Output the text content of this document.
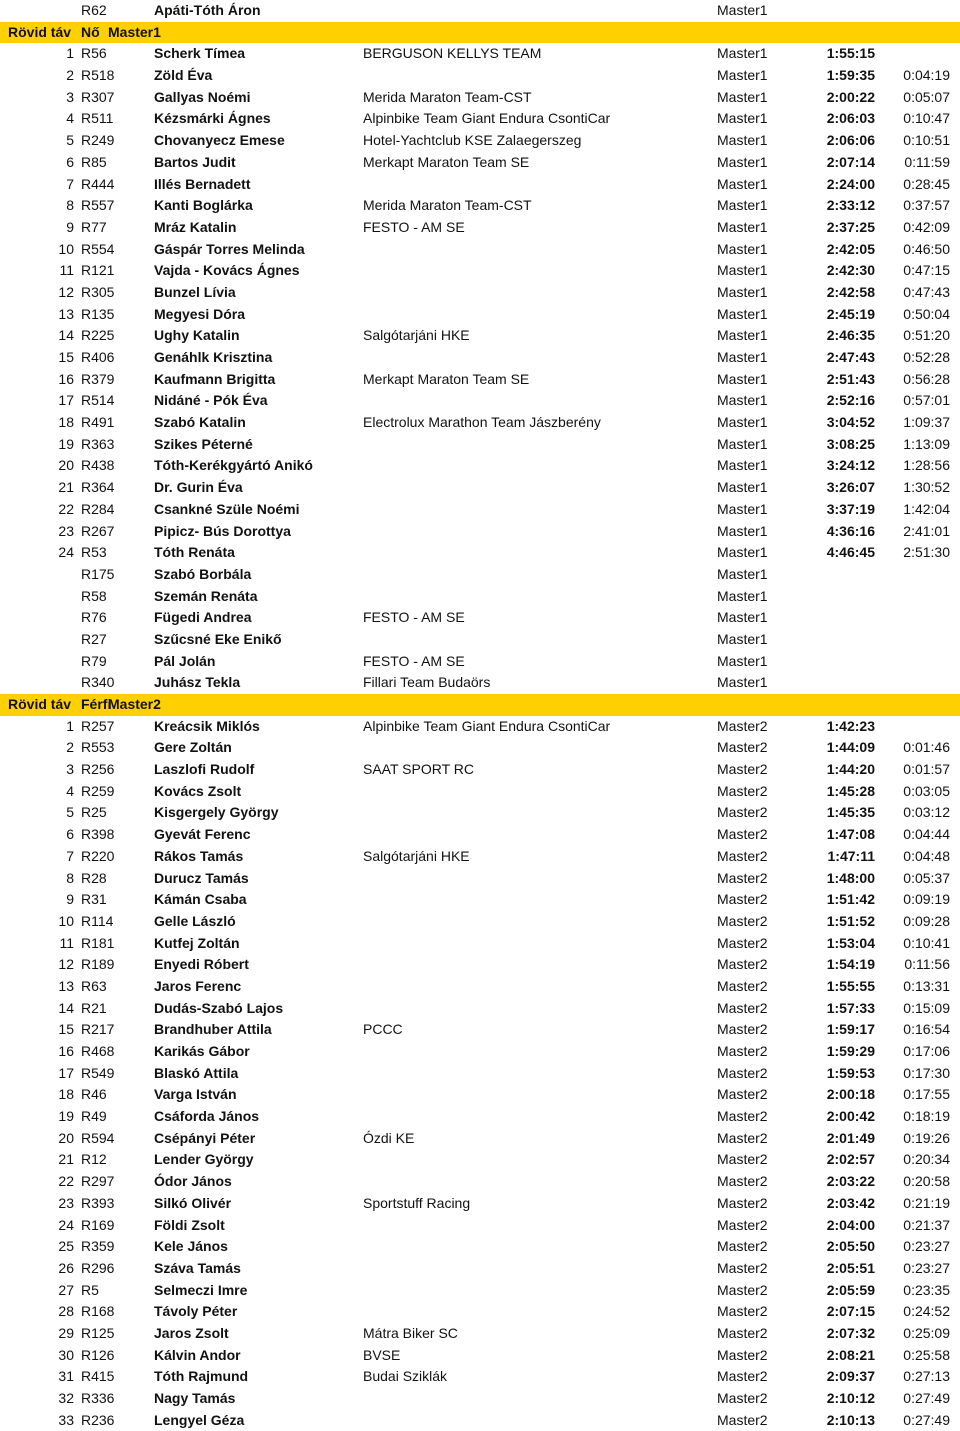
R62	Apáti-Tóth Áron	Master1
Rövid táv Nő Master1
1 R56	Scherk Tímea	BERGUSON KELLYS TEAM	Master1	1:55:15
2 R518	Zöld Éva	Master1	1:59:35	0:04:19
3 R307	Gallyas Noémi	Merida Maraton Team-CST	Master1	2:00:22	0:05:07
4 R511	Kézsmárki Ágnes	Alpinbike Team Giant Endura CsontiCar	Master1	2:06:03	0:10:47
5 R249	Chovanyecz Emese	Hotel-Yachtclub KSE Zalaegerszeg	Master1	2:06:06	0:10:51
6 R85	Bartos Judit	Merkapt Maraton Team SE	Master1	2:07:14	0:11:59
7 R444	Illés Bernadett	Master1	2:24:00	0:28:45
8 R557	Kanti Boglárka	Merida Maraton Team-CST	Master1	2:33:12	0:37:57
9 R77	Mráz Katalin	FESTO - AM SE	Master1	2:37:25	0:42:09
10 R554	Gáspár Torres Melinda	Master1	2:42:05	0:46:50
11 R121	Vajda - Kovács Ágnes	Master1	2:42:30	0:47:15
12 R305	Bunzel Lívia	Master1	2:42:58	0:47:43
13 R135	Megyesi Dóra	Master1	2:45:19	0:50:04
14 R225	Ughy Katalin	Salgótarjáni HKE	Master1	2:46:35	0:51:20
15 R406	Genáhlk Krisztina	Master1	2:47:43	0:52:28
16 R379	Kaufmann Brigitta	Merkapt Maraton Team SE	Master1	2:51:43	0:56:28
17 R514	Nidáné - Pók Éva	Master1	2:52:16	0:57:01
18 R491	Szabó Katalin	Electrolux Marathon Team Jászberény	Master1	3:04:52	1:09:37
19 R363	Szikes Péterné	Master1	3:08:25	1:13:09
20 R438	Tóth-Kerékgyártó Anikó	Master1	3:24:12	1:28:56
21 R364	Dr. Gurin Éva	Master1	3:26:07	1:30:52
22 R284	Csankné Szüle Noémi	Master1	3:37:19	1:42:04
23 R267	Pipicz- Bús Dorottya	Master1	4:36:16	2:41:01
24 R53	Tóth Renáta	Master1	4:46:45	2:51:30
R175	Szabó Borbála	Master1
R58	Szemán Renáta	Master1
R76	Fügedi Andrea	FESTO - AM SE	Master1
R27	Szűcsné Eke Enikő	Master1
R79	Pál Jolán	FESTO - AM SE	Master1
R340	Juhász Tekla	Fillari Team Budaörs	Master1
Rövid táv Férfi
Master2
1 R257	Kreácsik Miklós	Alpinbike Team Giant Endura CsontiCar	Master2	1:42:23
2 R553	Gere Zoltán	Master2	1:44:09	0:01:46
3 R256	Laszlofi Rudolf	SAAT SPORT RC	Master2	1:44:20	0:01:57
4 R259	Kovács Zsolt	Master2	1:45:28	0:03:05
5 R25	Kisgergely György	Master2	1:45:35	0:03:12
6 R398	Gyevát Ferenc	Master2	1:47:08	0:04:44
7 R220	Rákos Tamás	Salgótarjáni HKE	Master2	1:47:11	0:04:48
8 R28	Durucz Tamás	Master2	1:48:00	0:05:37
9 R31	Kámán Csaba	Master2	1:51:42	0:09:19
10 R114	Gelle László	Master2	1:51:52	0:09:28
11 R181	Kutfej Zoltán	Master2	1:53:04	0:10:41
12 R189	Enyedi Róbert	Master2	1:54:19	0:11:56
13 R63	Jaros Ferenc	Master2	1:55:55	0:13:31
14 R21	Dudás-Szabó Lajos	Master2	1:57:33	0:15:09
15 R217	Brandhuber Attila	PCCC	Master2	1:59:17	0:16:54
16 R468	Karikás Gábor	Master2	1:59:29	0:17:06
17 R549	Blaskó Attila	Master2	1:59:53	0:17:30
18 R46	Varga István	Master2	2:00:18	0:17:55
19 R49	Csáforda János	Master2	2:00:42	0:18:19
20 R594	Csépányi Péter	Ózdi KE	Master2	2:01:49	0:19:26
21 R12	Lender György	Master2	2:02:57	0:20:34
22 R297	Ódor János	Master2	2:03:22	0:20:58
23 R393	Silkó Olivér	Sportstuff Racing	Master2	2:03:42	0:21:19
24 R169	Földi Zsolt	Master2	2:04:00	0:21:37
25 R359	Kele János	Master2	2:05:50	0:23:27
26 R296	Száva Tamás	Master2	2:05:51	0:23:27
27 R5	Selmeczi Imre	Master2	2:05:59	0:23:35
28 R168	Távoly Péter	Master2	2:07:15	0:24:52
29 R125	Jaros Zsolt	Mátra Biker SC	Master2	2:07:32	0:25:09
30 R126	Kálvin Andor	BVSE	Master2	2:08:21	0:25:58
31 R415	Tóth Rajmund	Budai Sziklák	Master2	2:09:37	0:27:13
32 R336	Nagy Tamás	Master2	2:10:12	0:27:49
33 R236	Lengyel Géza	Master2	2:10:13	0:27:49
